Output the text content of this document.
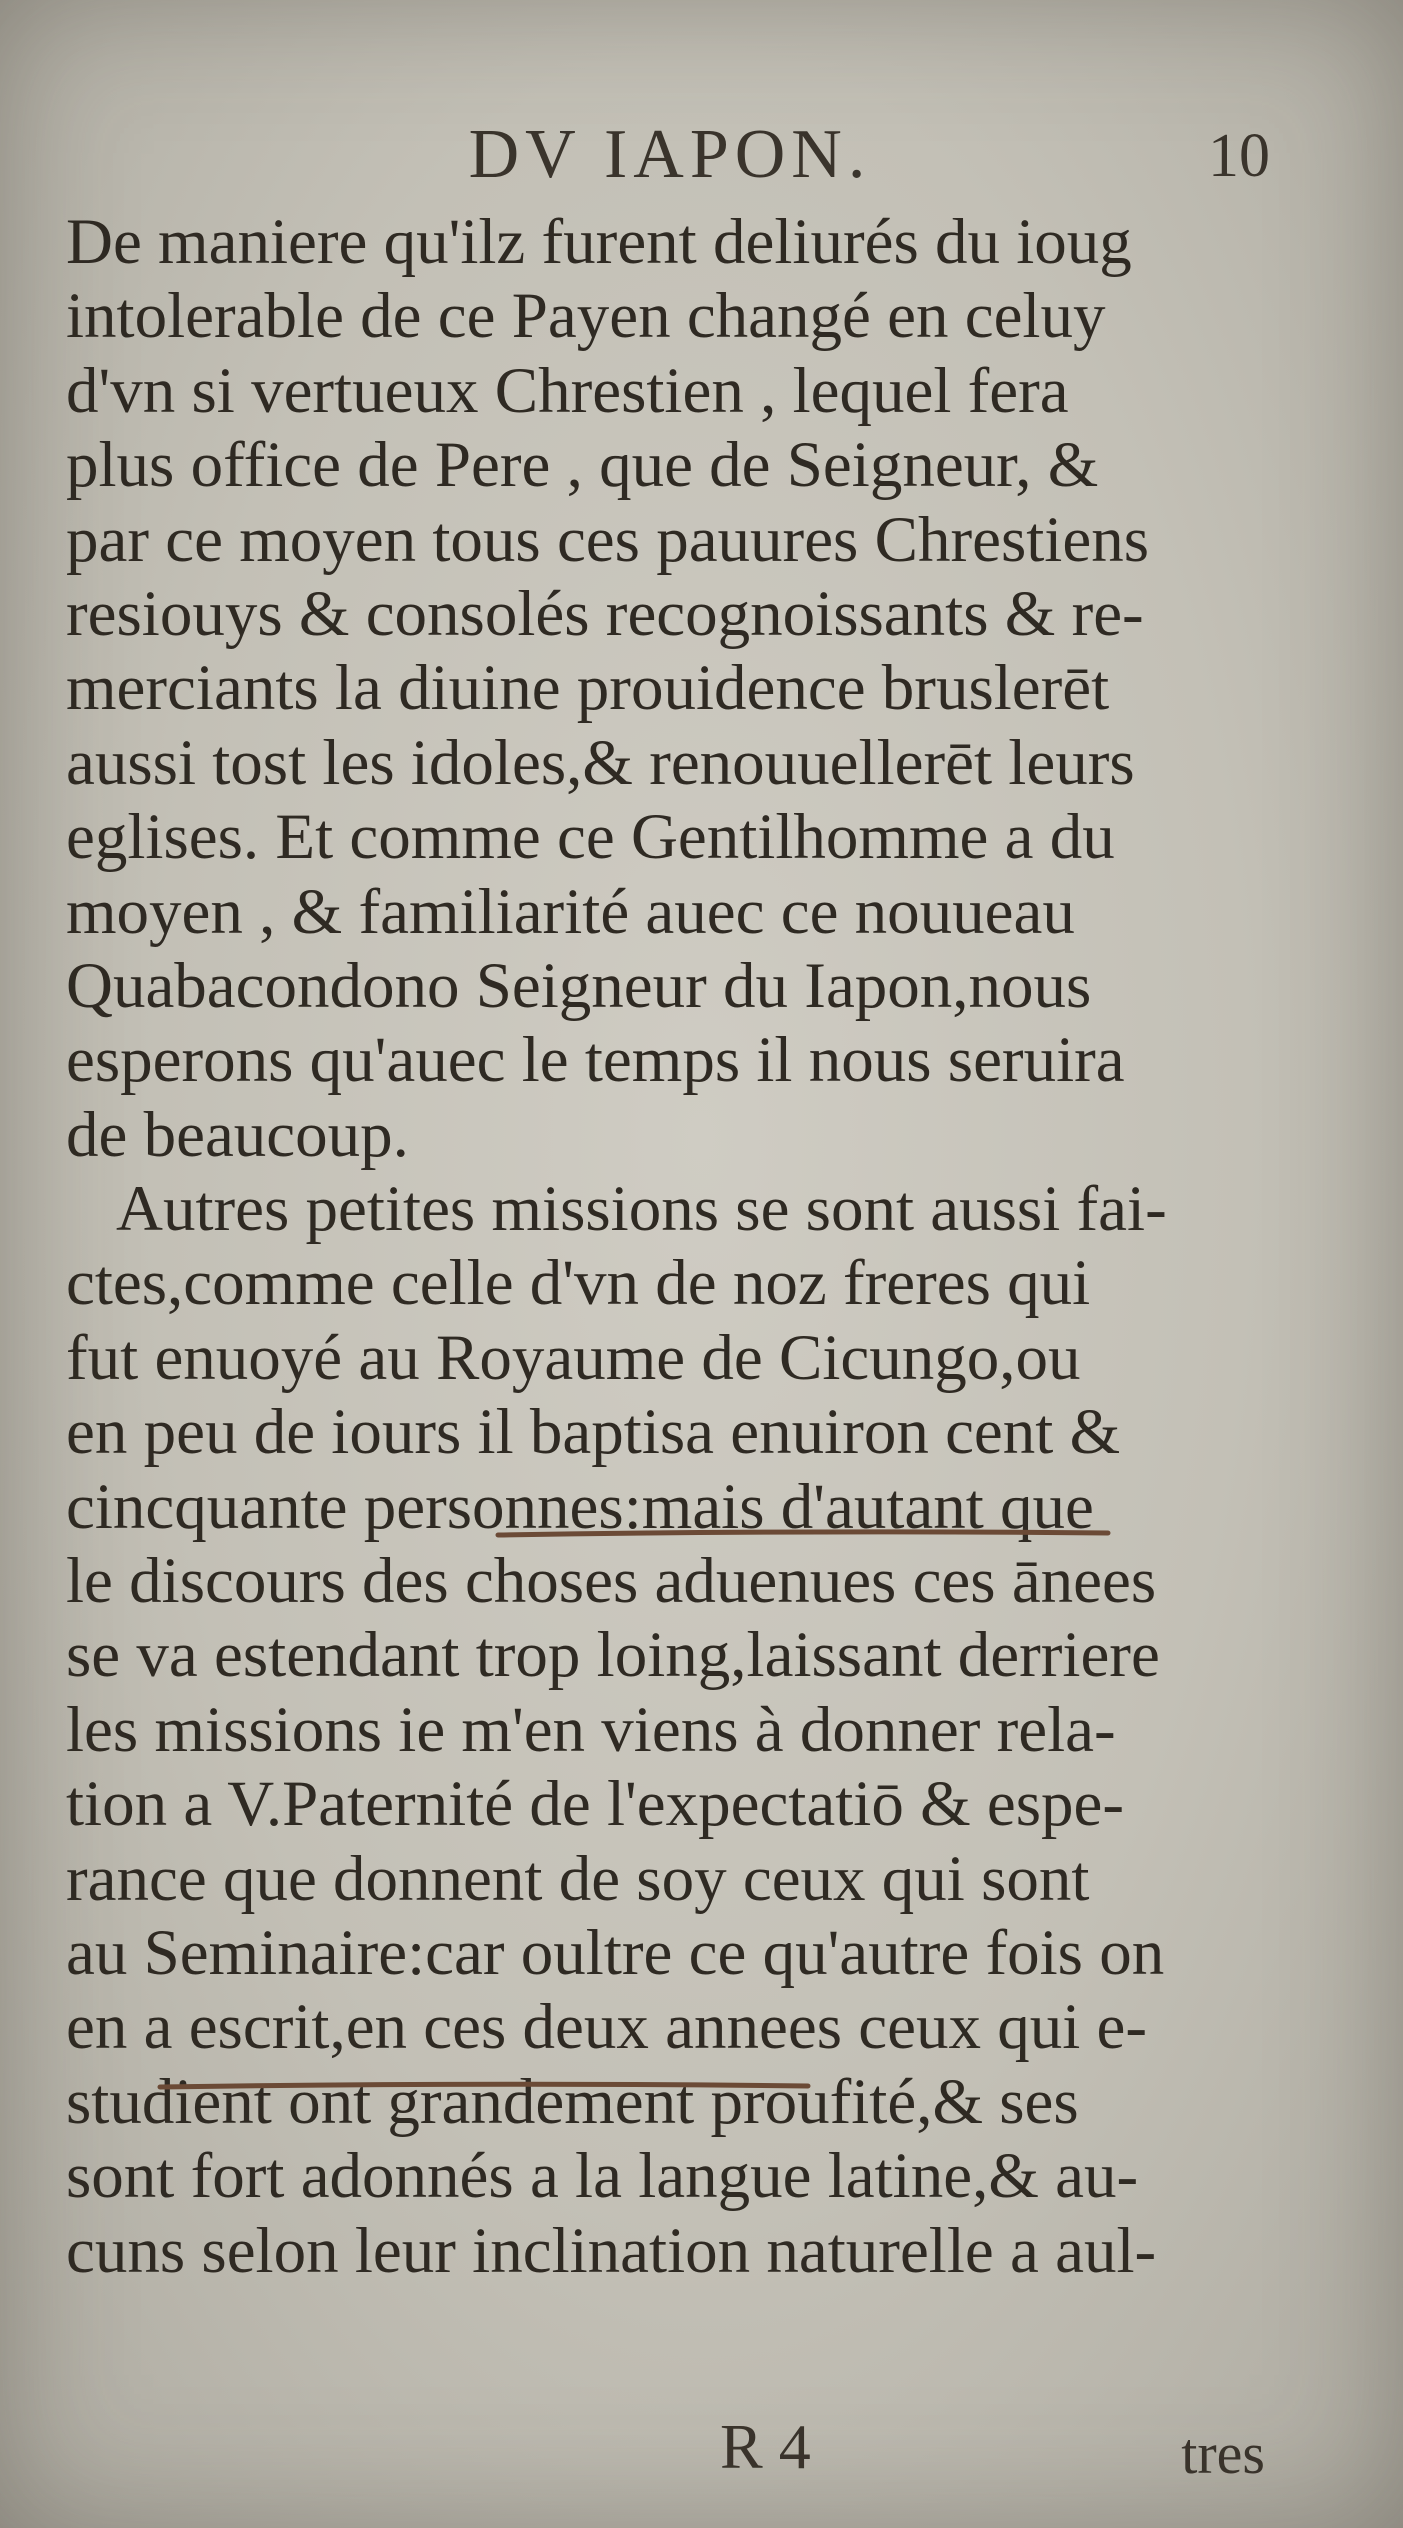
DV IAPON.	10
De maniere qu'ilz furent deliurés du ioug
intolerable de ce Payen changé en celuy
d'vn si vertueux Chrestien , lequel fera
plus office de Pere , que de Seigneur, &
par ce moyen tous ces pauures Chrestiens
resiouys & consolés recognoissants & re-
merciants la diuine prouidence bruslerēt
aussi tost les idoles,& renouuellerēt leurs
eglises. Et comme ce Gentilhomme a du
moyen , & familiarité auec ce nouueau
Quabacondono Seigneur du Iapon,nous
esperons qu'auec le temps il nous seruira
de beaucoup.
Autres petites missions se sont aussi fai-
ctes,comme celle d'vn de noz freres qui
fut enuoyé au Royaume de Cicungo,ou
en peu de iours il baptisa enuiron cent &
cincquante personnes:mais d'autant que
le discours des choses aduenues ces ānees
se va estendant trop loing,laissant derriere
les missions ie m'en viens à donner rela-
tion a V.Paternité de l'expectatiō & espe-
rance que donnent de soy ceux qui sont
au Seminaire:car oultre ce qu'autre fois on
en a escrit,en ces deux annees ceux qui e-
studient ont grandement proufité,& ses
sont fort adonnés a la langue latine,& au-
cuns selon leur inclination naturelle a aul-
R 4	tres
